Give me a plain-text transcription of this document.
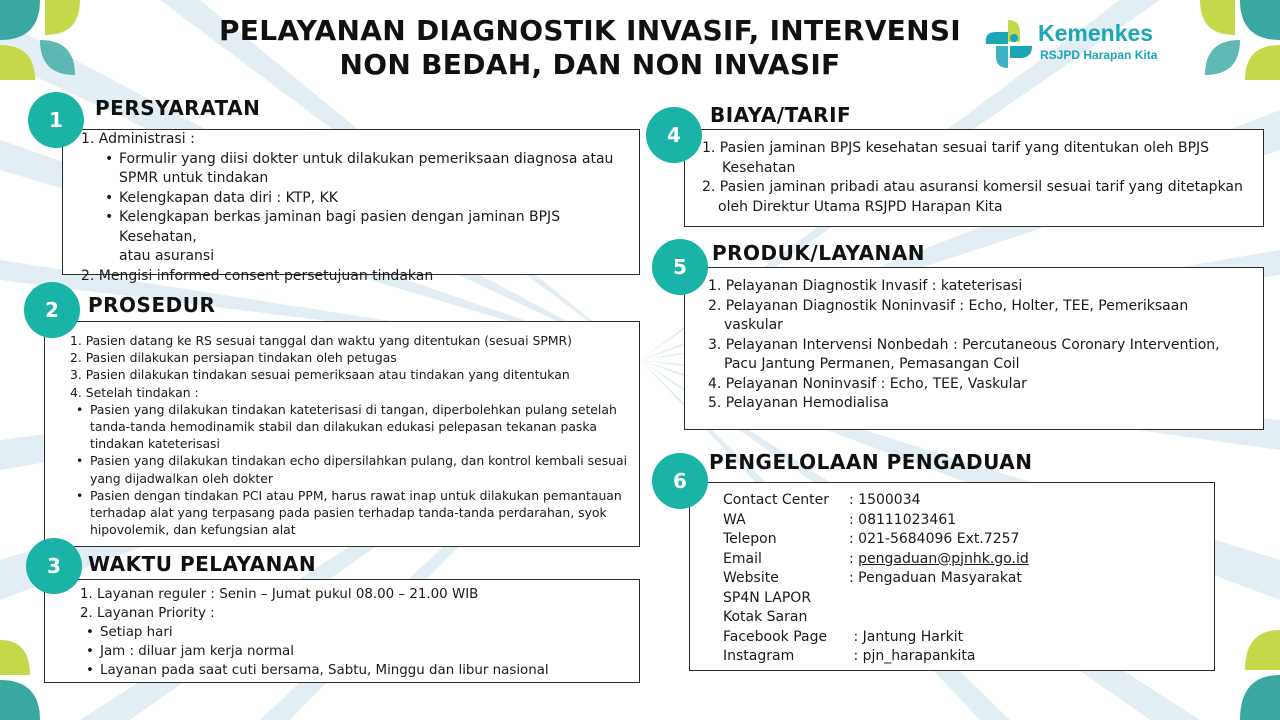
PELAYANAN DIAGNOSTIK INVASIF, INTERVENSI
NON BEDAH, DAN NON INVASIF
Kemenkes
RSJPD Harapan Kita
1	PERSYARATAN
1. Administrasi :
• Formulir yang diisi dokter untuk dilakukan pemeriksaan diagnosa atau
SPMR untuk tindakan
• Kelengkapan data diri : KTP, KK
• Kelengkapan berkas jaminan bagi pasien dengan jaminan BPJS Kesehatan,
atau asuransi
2. Mengisi informed consent persetujuan tindakan
2	PROSEDUR
1. Pasien datang ke RS sesuai tanggal dan waktu yang ditentukan (sesuai SPMR)
2. Pasien dilakukan persiapan tindakan oleh petugas
3. Pasien dilakukan tindakan sesuai pemeriksaan atau tindakan yang ditentukan
4. Setelah tindakan :
• Pasien yang dilakukan tindakan kateterisasi di tangan, diperbolehkan pulang setelah
tanda-tanda hemodinamik stabil dan dilakukan edukasi pelepasan tekanan paska
tindakan kateterisasi
• Pasien yang dilakukan tindakan echo dipersilahkan pulang, dan kontrol kembali sesuai
yang dijadwalkan oleh dokter
• Pasien dengan tindakan PCI atau PPM, harus rawat inap untuk dilakukan pemantauan
terhadap alat yang terpasang pada pasien terhadap tanda-tanda perdarahan, syok
hipovolemik, dan kefungsian alat
3	WAKTU PELAYANAN
1. Layanan reguler : Senin – Jumat pukul 08.00 – 21.00 WIB
2. Layanan Priority :
• Setiap hari
• Jam : diluar jam kerja normal
• Layanan pada saat cuti bersama, Sabtu, Minggu dan libur nasional
4
BIAYA/TARIF
1. Pasien jaminan BPJS kesehatan sesuai tarif yang ditentukan oleh BPJS
Kesehatan
2. Pasien jaminan pribadi atau asuransi komersil sesuai tarif yang ditetapkan
oleh Direktur Utama RSJPD Harapan Kita
5
PRODUK/LAYANAN
1. Pelayanan Diagnostik Invasif : kateterisasi
2. Pelayanan Diagnostik Noninvasif : Echo, Holter, TEE, Pemeriksaan
vaskular
3. Pelayanan Intervensi Nonbedah : Percutaneous Coronary Intervention,
Pacu Jantung Permanen, Pemasangan Coil
4. Pelayanan Noninvasif : Echo, TEE, Vaskular
5. Pelayanan Hemodialisa
6
PENGELOLAAN PENGADUAN
Contact Center	: 1500034
WA	: 08111023461
Telepon	: 021-5684096 Ext.7257
Email	: pengaduan@pjnhk.go.id
Website	: Pengaduan Masyarakat
SP4N LAPOR
Kotak Saran
Facebook Page	: Jantung Harkit
Instagram	: pjn_harapankita
